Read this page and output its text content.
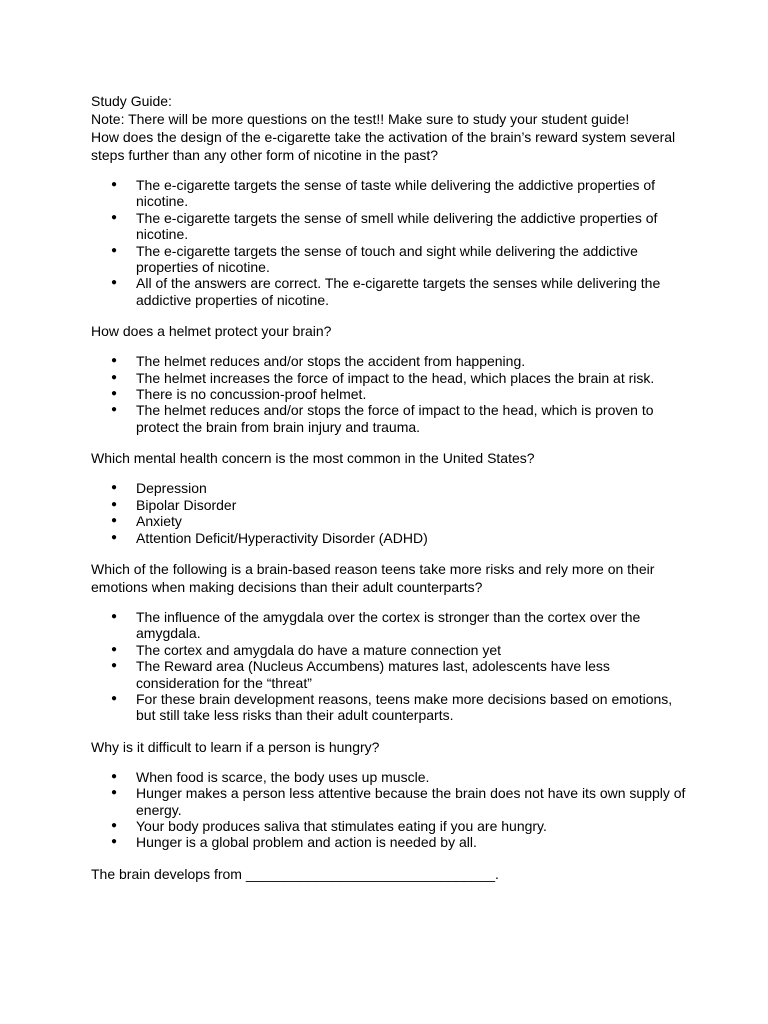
Study Guide:

Note: There will be more questions on the test!! Make sure to study your student guide!

How does the design of the e-cigarette take the activation of the brain’s reward system several steps further than any other form of nicotine in the past?

● The e-cigarette targets the sense of taste while delivering the addictive properties of nicotine.
● The e-cigarette targets the sense of smell while delivering the addictive properties of nicotine.
● The e-cigarette targets the sense of touch and sight while delivering the addictive properties of nicotine.
● All of the answers are correct. The e-cigarette targets the senses while delivering the addictive properties of nicotine.

How does a helmet protect your brain?

● The helmet reduces and/or stops the accident from happening.
● The helmet increases the force of impact to the head, which places the brain at risk.
● There is no concussion-proof helmet.
● The helmet reduces and/or stops the force of impact to the head, which is proven to protect the brain from brain injury and trauma.

Which mental health concern is the most common in the United States?

● Depression
● Bipolar Disorder
● Anxiety
● Attention Deficit/Hyperactivity Disorder (ADHD)

Which of the following is a brain-based reason teens take more risks and rely more on their emotions when making decisions than their adult counterparts?

● The influence of the amygdala over the cortex is stronger than the cortex over the amygdala.
● The cortex and amygdala do have a mature connection yet
● The Reward area (Nucleus Accumbens) matures last, adolescents have less consideration for the “threat”
● For these brain development reasons, teens make more decisions based on emotions, but still take less risks than their adult counterparts.

Why is it difficult to learn if a person is hungry?

● When food is scarce, the body uses up muscle.
● Hunger makes a person less attentive because the brain does not have its own supply of energy.
● Your body produces saliva that stimulates eating if you are hungry.
● Hunger is a global problem and action is needed by all.

The brain develops from ________________________________.
